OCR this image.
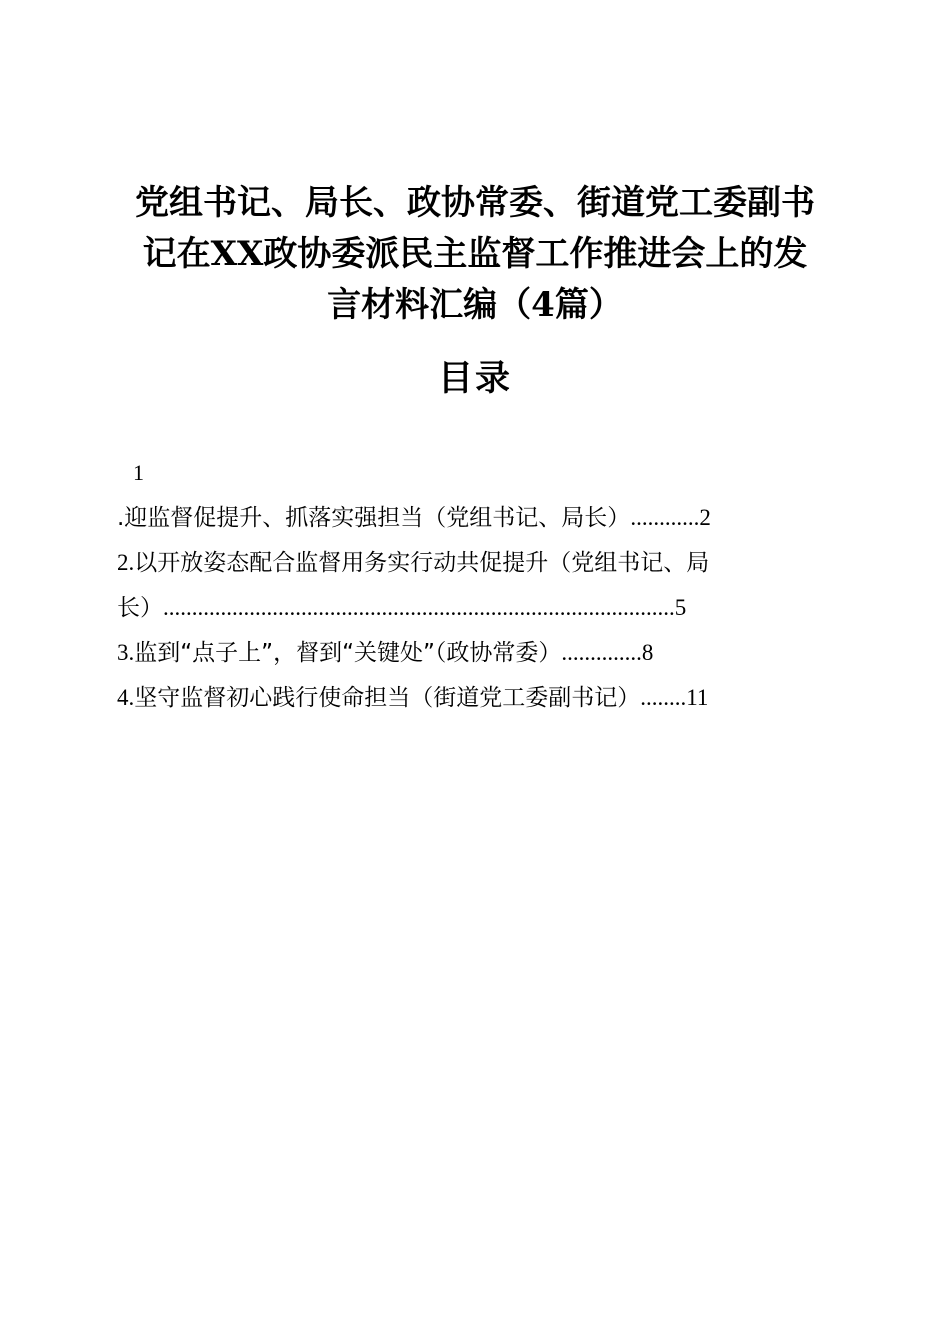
党组书记、局长、政协常委、街道党工委副书
记在XX政协委派民主监督工作推进会上的发
言材料汇编（4篇）
目录
1
.迎监督促提升、抓落实强担当（党组书记、局长）............2
2.以开放姿态配合监督用务实行动共促提升（党组书记、局
长）.........................................................................................5
3.监到“点子上”，督到“关键处”（政协常委）..............8
4.坚守监督初心践行使命担当（街道党工委副书记）........11
